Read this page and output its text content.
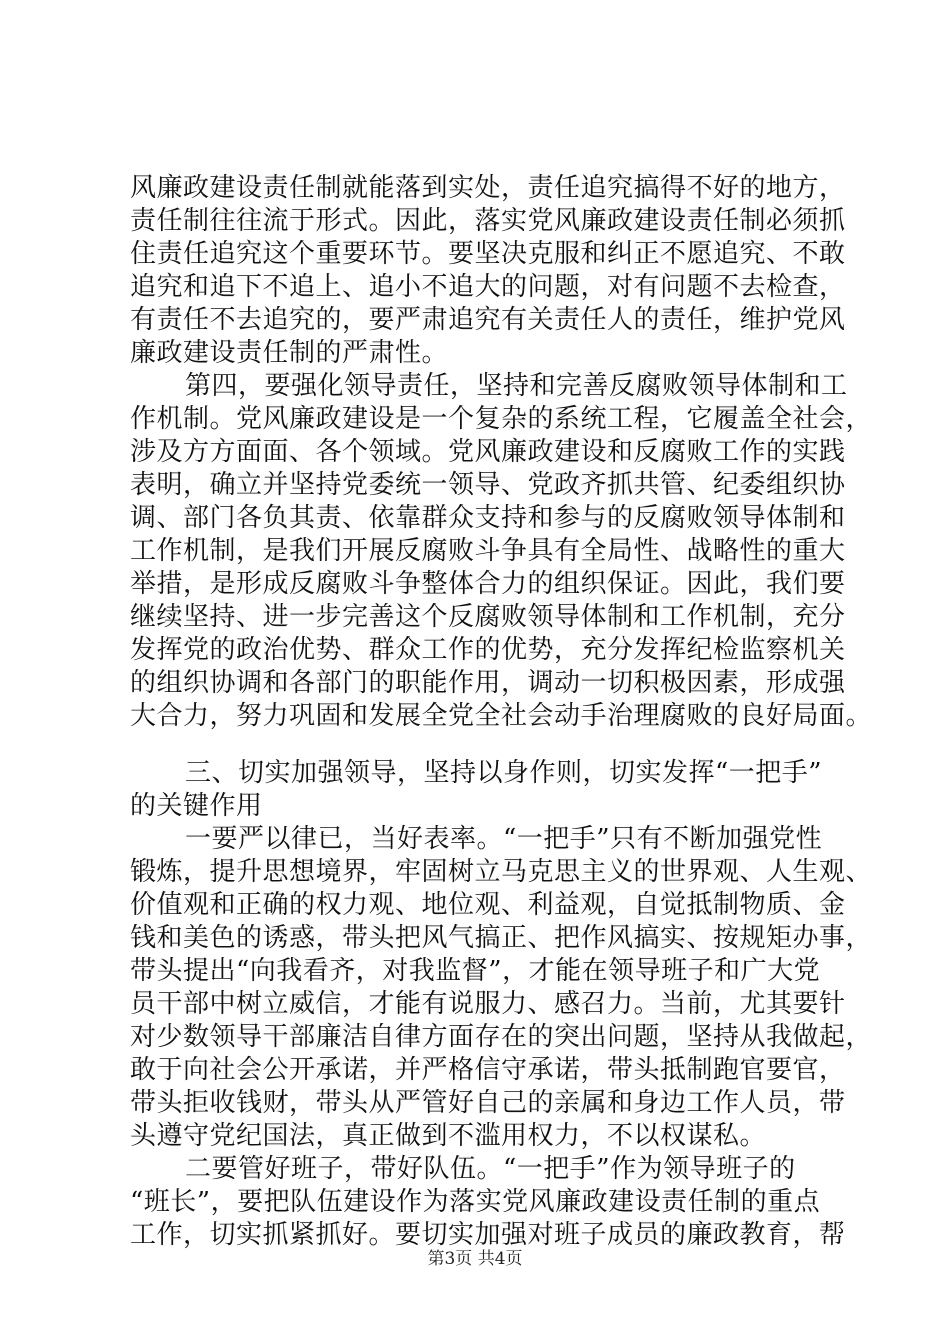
风廉政建设责任制就能落到实处，责任追究搞得不好的地方，
责任制往往流于形式。因此，落实党风廉政建设责任制必须抓
住责任追究这个重要环节。要坚决克服和纠正不愿追究、不敢
追究和追下不追上、追小不追大的问题，对有问题不去检查，
有责任不去追究的，要严肃追究有关责任人的责任，维护党风
廉政建设责任制的严肃性。
第四，要强化领导责任，坚持和完善反腐败领导体制和工
作机制。党风廉政建设是一个复杂的系统工程，它履盖全社会，
涉及方方面面、各个领域。党风廉政建设和反腐败工作的实践
表明，确立并坚持党委统一领导、党政齐抓共管、纪委组织协
调、部门各负其责、依靠群众支持和参与的反腐败领导体制和
工作机制，是我们开展反腐败斗争具有全局性、战略性的重大
举措，是形成反腐败斗争整体合力的组织保证。因此，我们要
继续坚持、进一步完善这个反腐败领导体制和工作机制，充分
发挥党的政治优势、群众工作的优势，充分发挥纪检监察机关
的组织协调和各部门的职能作用，调动一切积极因素，形成强
大合力，努力巩固和发展全党全社会动手治理腐败的良好局面。
三、切实加强领导，坚持以身作则，切实发挥“一把手”
的关键作用
一要严以律已，当好表率。“一把手”只有不断加强党性
锻炼，提升思想境界，牢固树立马克思主义的世界观、人生观、
价值观和正确的权力观、地位观、利益观，自觉抵制物质、金
钱和美色的诱惑，带头把风气搞正、把作风搞实、按规矩办事，
带头提出“向我看齐，对我监督”，才能在领导班子和广大党
员干部中树立威信，才能有说服力、感召力。当前，尤其要针
对少数领导干部廉洁自律方面存在的突出问题，坚持从我做起，
敢于向社会公开承诺，并严格信守承诺，带头抵制跑官要官，
带头拒收钱财，带头从严管好自己的亲属和身边工作人员，带
头遵守党纪国法，真正做到不滥用权力，不以权谋私。
二要管好班子，带好队伍。“一把手”作为领导班子的
“班长”，要把队伍建设作为落实党风廉政建设责任制的重点
工作，切实抓紧抓好。要切实加强对班子成员的廉政教育，帮
第3页 共4页
